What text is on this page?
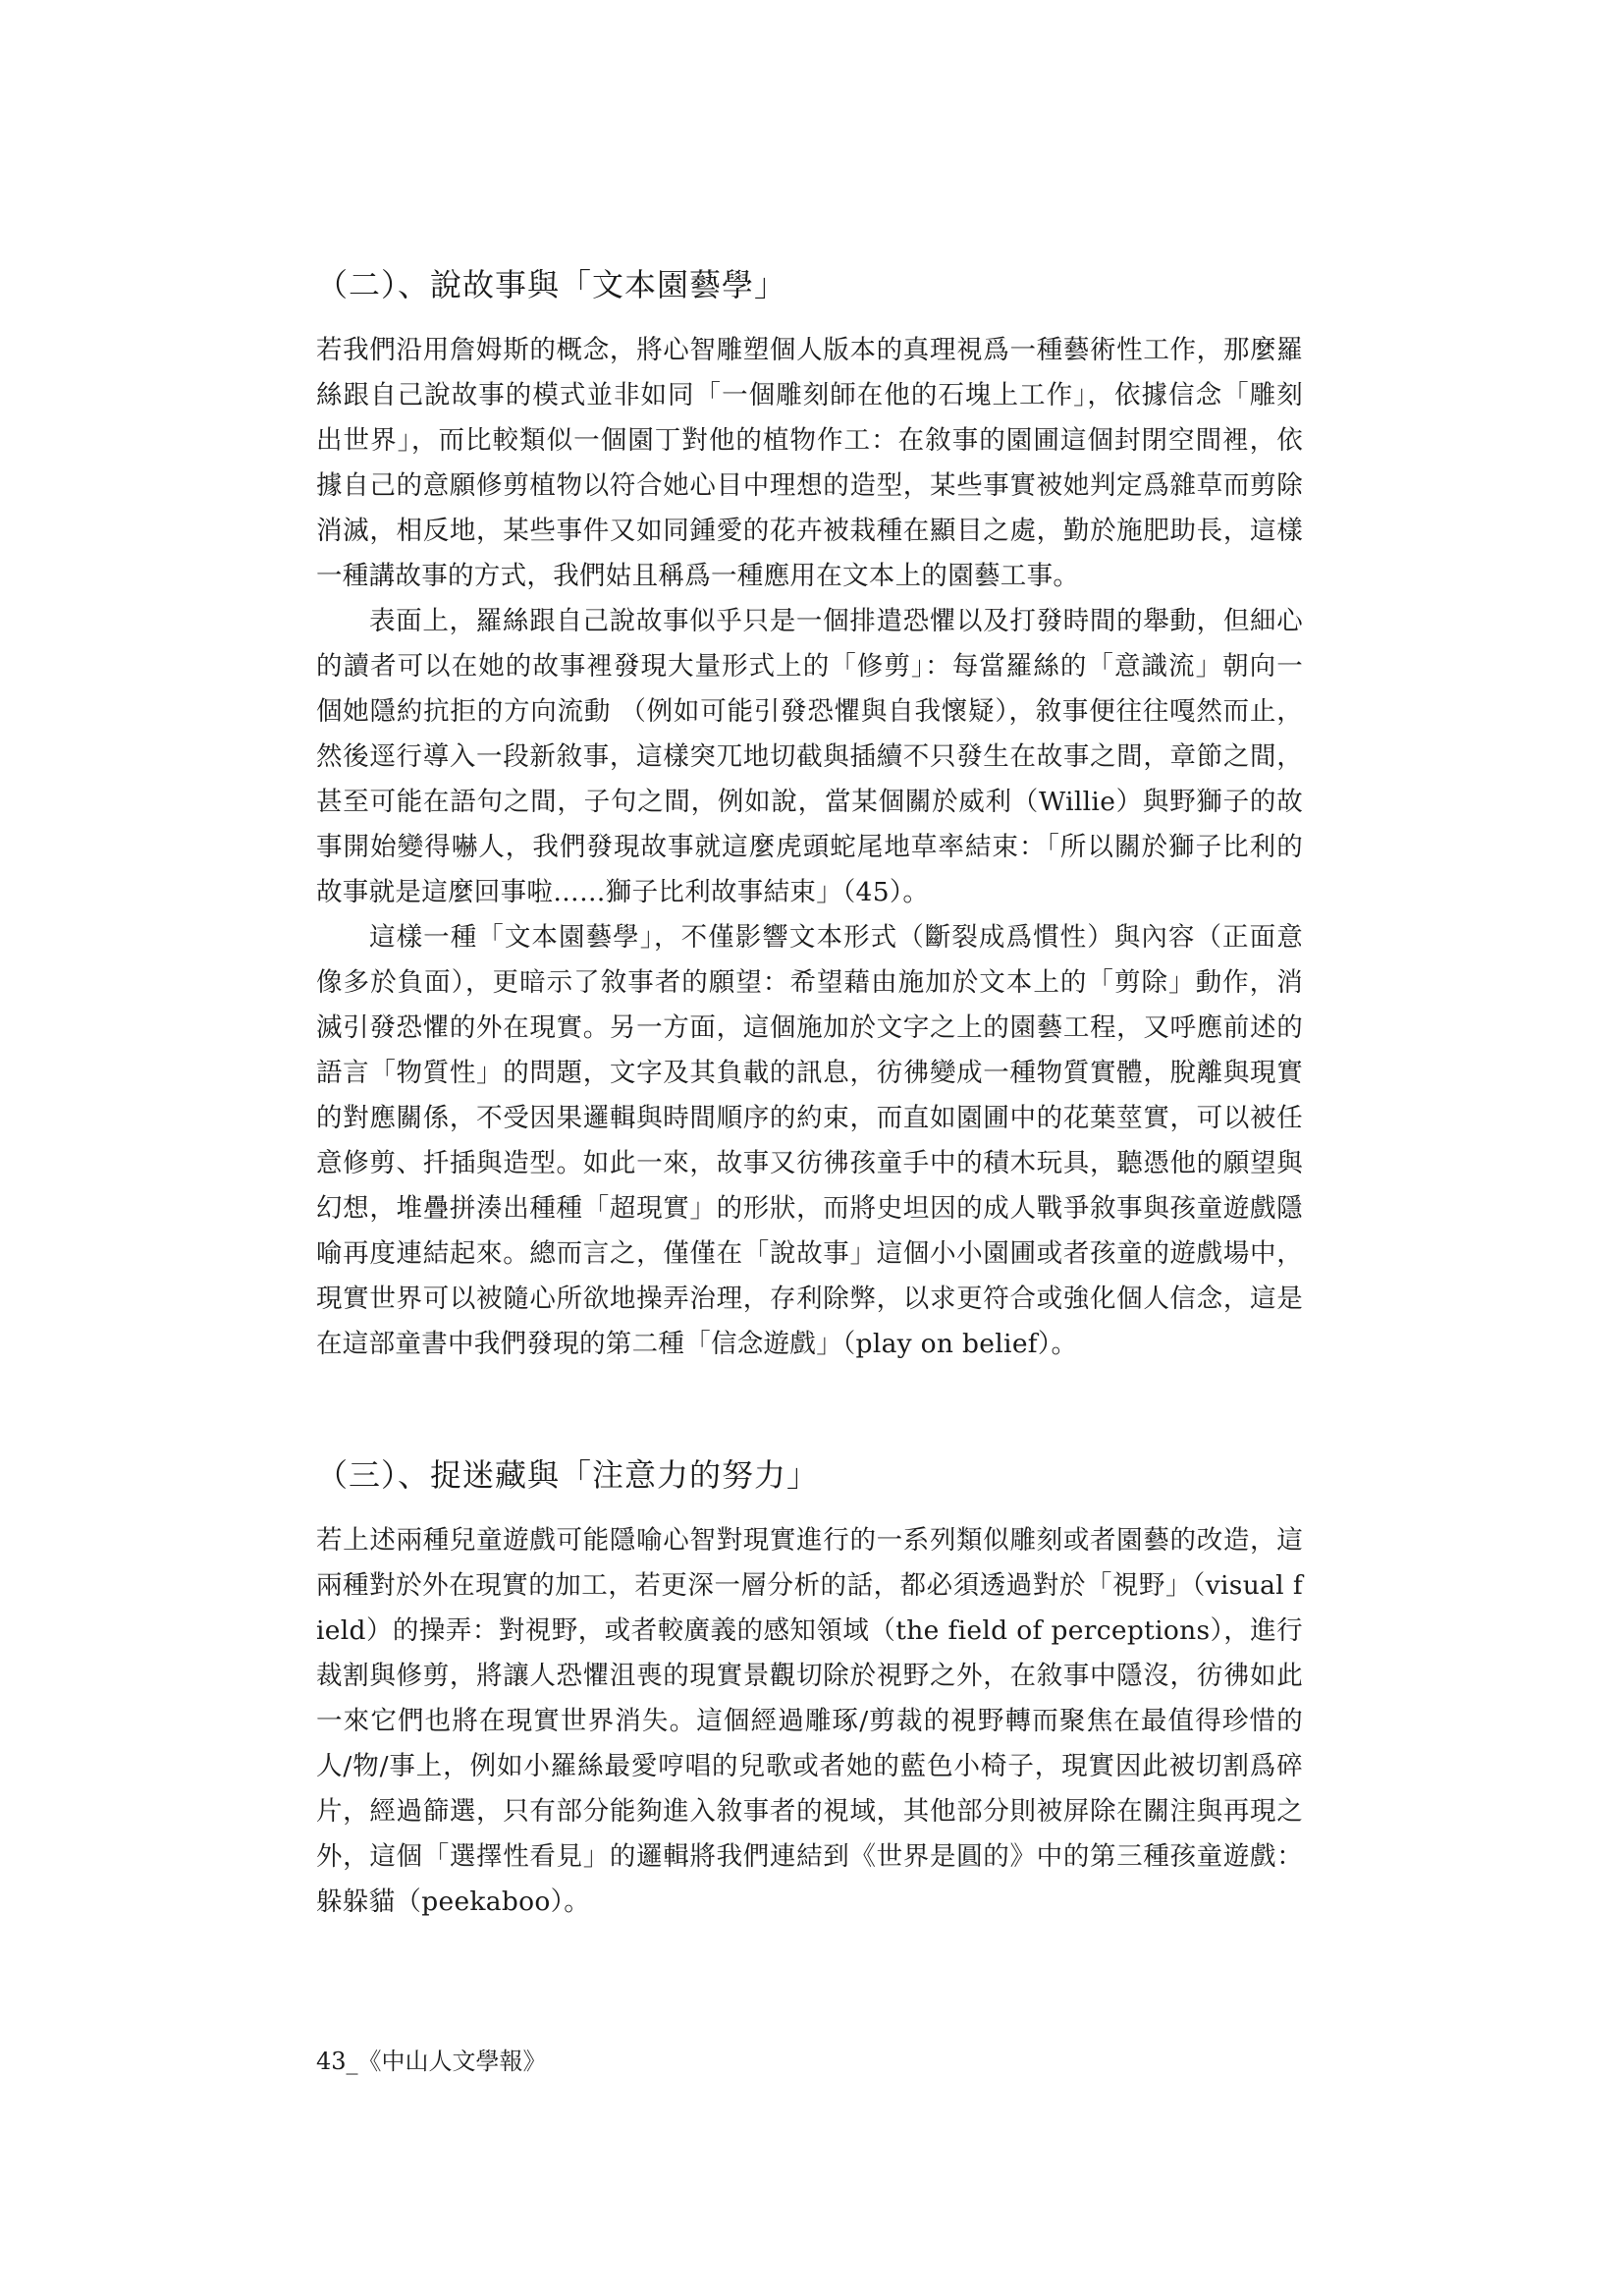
（二）、說故事與「文本園藝學」

若我們沿用詹姆斯的概念，將心智雕塑個人版本的真理視爲一種藝術性工作，那麼羅絲跟自己說故事的模式並非如同「一個雕刻師在他的石塊上工作」，依據信念「雕刻出世界」，而比較類似一個園丁對他的植物作工：在敘事的園圃這個封閉空間裡，依據自己的意願修剪植物以符合她心目中理想的造型，某些事實被她判定爲雜草而剪除消滅，相反地，某些事件又如同鍾愛的花卉被栽種在顯目之處，勤於施肥助長，這樣一種講故事的方式，我們姑且稱爲一種應用在文本上的園藝工事。

表面上，羅絲跟自己說故事似乎只是一個排遣恐懼以及打發時間的舉動，但細心的讀者可以在她的故事裡發現大量形式上的「修剪」：每當羅絲的「意識流」朝向一個她隱約抗拒的方向流動 （例如可能引發恐懼與自我懷疑），敘事便往往嘎然而止，然後逕行導入一段新敘事，這樣突兀地切截與插續不只發生在故事之間，章節之間，甚至可能在語句之間，子句之間，例如說，當某個關於威利（Willie）與野獅子的故事開始變得嚇人，我們發現故事就這麼虎頭蛇尾地草率結束：「所以關於獅子比利的故事就是這麼回事啦……獅子比利故事結束」（45）。

這樣一種「文本園藝學」，不僅影響文本形式（斷裂成爲慣性）與內容（正面意像多於負面），更暗示了敘事者的願望：希望藉由施加於文本上的「剪除」動作，消滅引發恐懼的外在現實。另一方面，這個施加於文字之上的園藝工程，又呼應前述的語言「物質性」的問題，文字及其負載的訊息，彷彿變成一種物質實體，脫離與現實的對應關係，不受因果邏輯與時間順序的約束，而直如園圃中的花葉莖實，可以被任意修剪、扦插與造型。如此一來，故事又彷彿孩童手中的積木玩具，聽憑他的願望與幻想，堆疊拼湊出種種「超現實」的形狀，而將史坦因的成人戰爭敘事與孩童遊戲隱喻再度連結起來。總而言之，僅僅在「說故事」這個小小園圃或者孩童的遊戲場中，現實世界可以被隨心所欲地操弄治理，存利除弊，以求更符合或強化個人信念，這是在這部童書中我們發現的第二種「信念遊戲」（play on belief）。

（三）、捉迷藏與「注意力的努力」

若上述兩種兒童遊戲可能隱喻心智對現實進行的一系列類似雕刻或者園藝的改造，這兩種對於外在現實的加工，若更深一層分析的話，都必須透過對於「視野」（visual field）的操弄：對視野，或者較廣義的感知領域（the field of perceptions），進行裁割與修剪，將讓人恐懼沮喪的現實景觀切除於視野之外，在敘事中隱沒，彷彿如此一來它們也將在現實世界消失。這個經過雕琢/剪裁的視野轉而聚焦在最值得珍惜的人/物/事上，例如小羅絲最愛哼唱的兒歌或者她的藍色小椅子，現實因此被切割爲碎片，經過篩選，只有部分能夠進入敘事者的視域，其他部分則被屏除在關注與再現之外，這個「選擇性看見」的邏輯將我們連結到《世界是圓的》中的第三種孩童遊戲：躲躲貓（peekaboo）。

43_《中山人文學報》
